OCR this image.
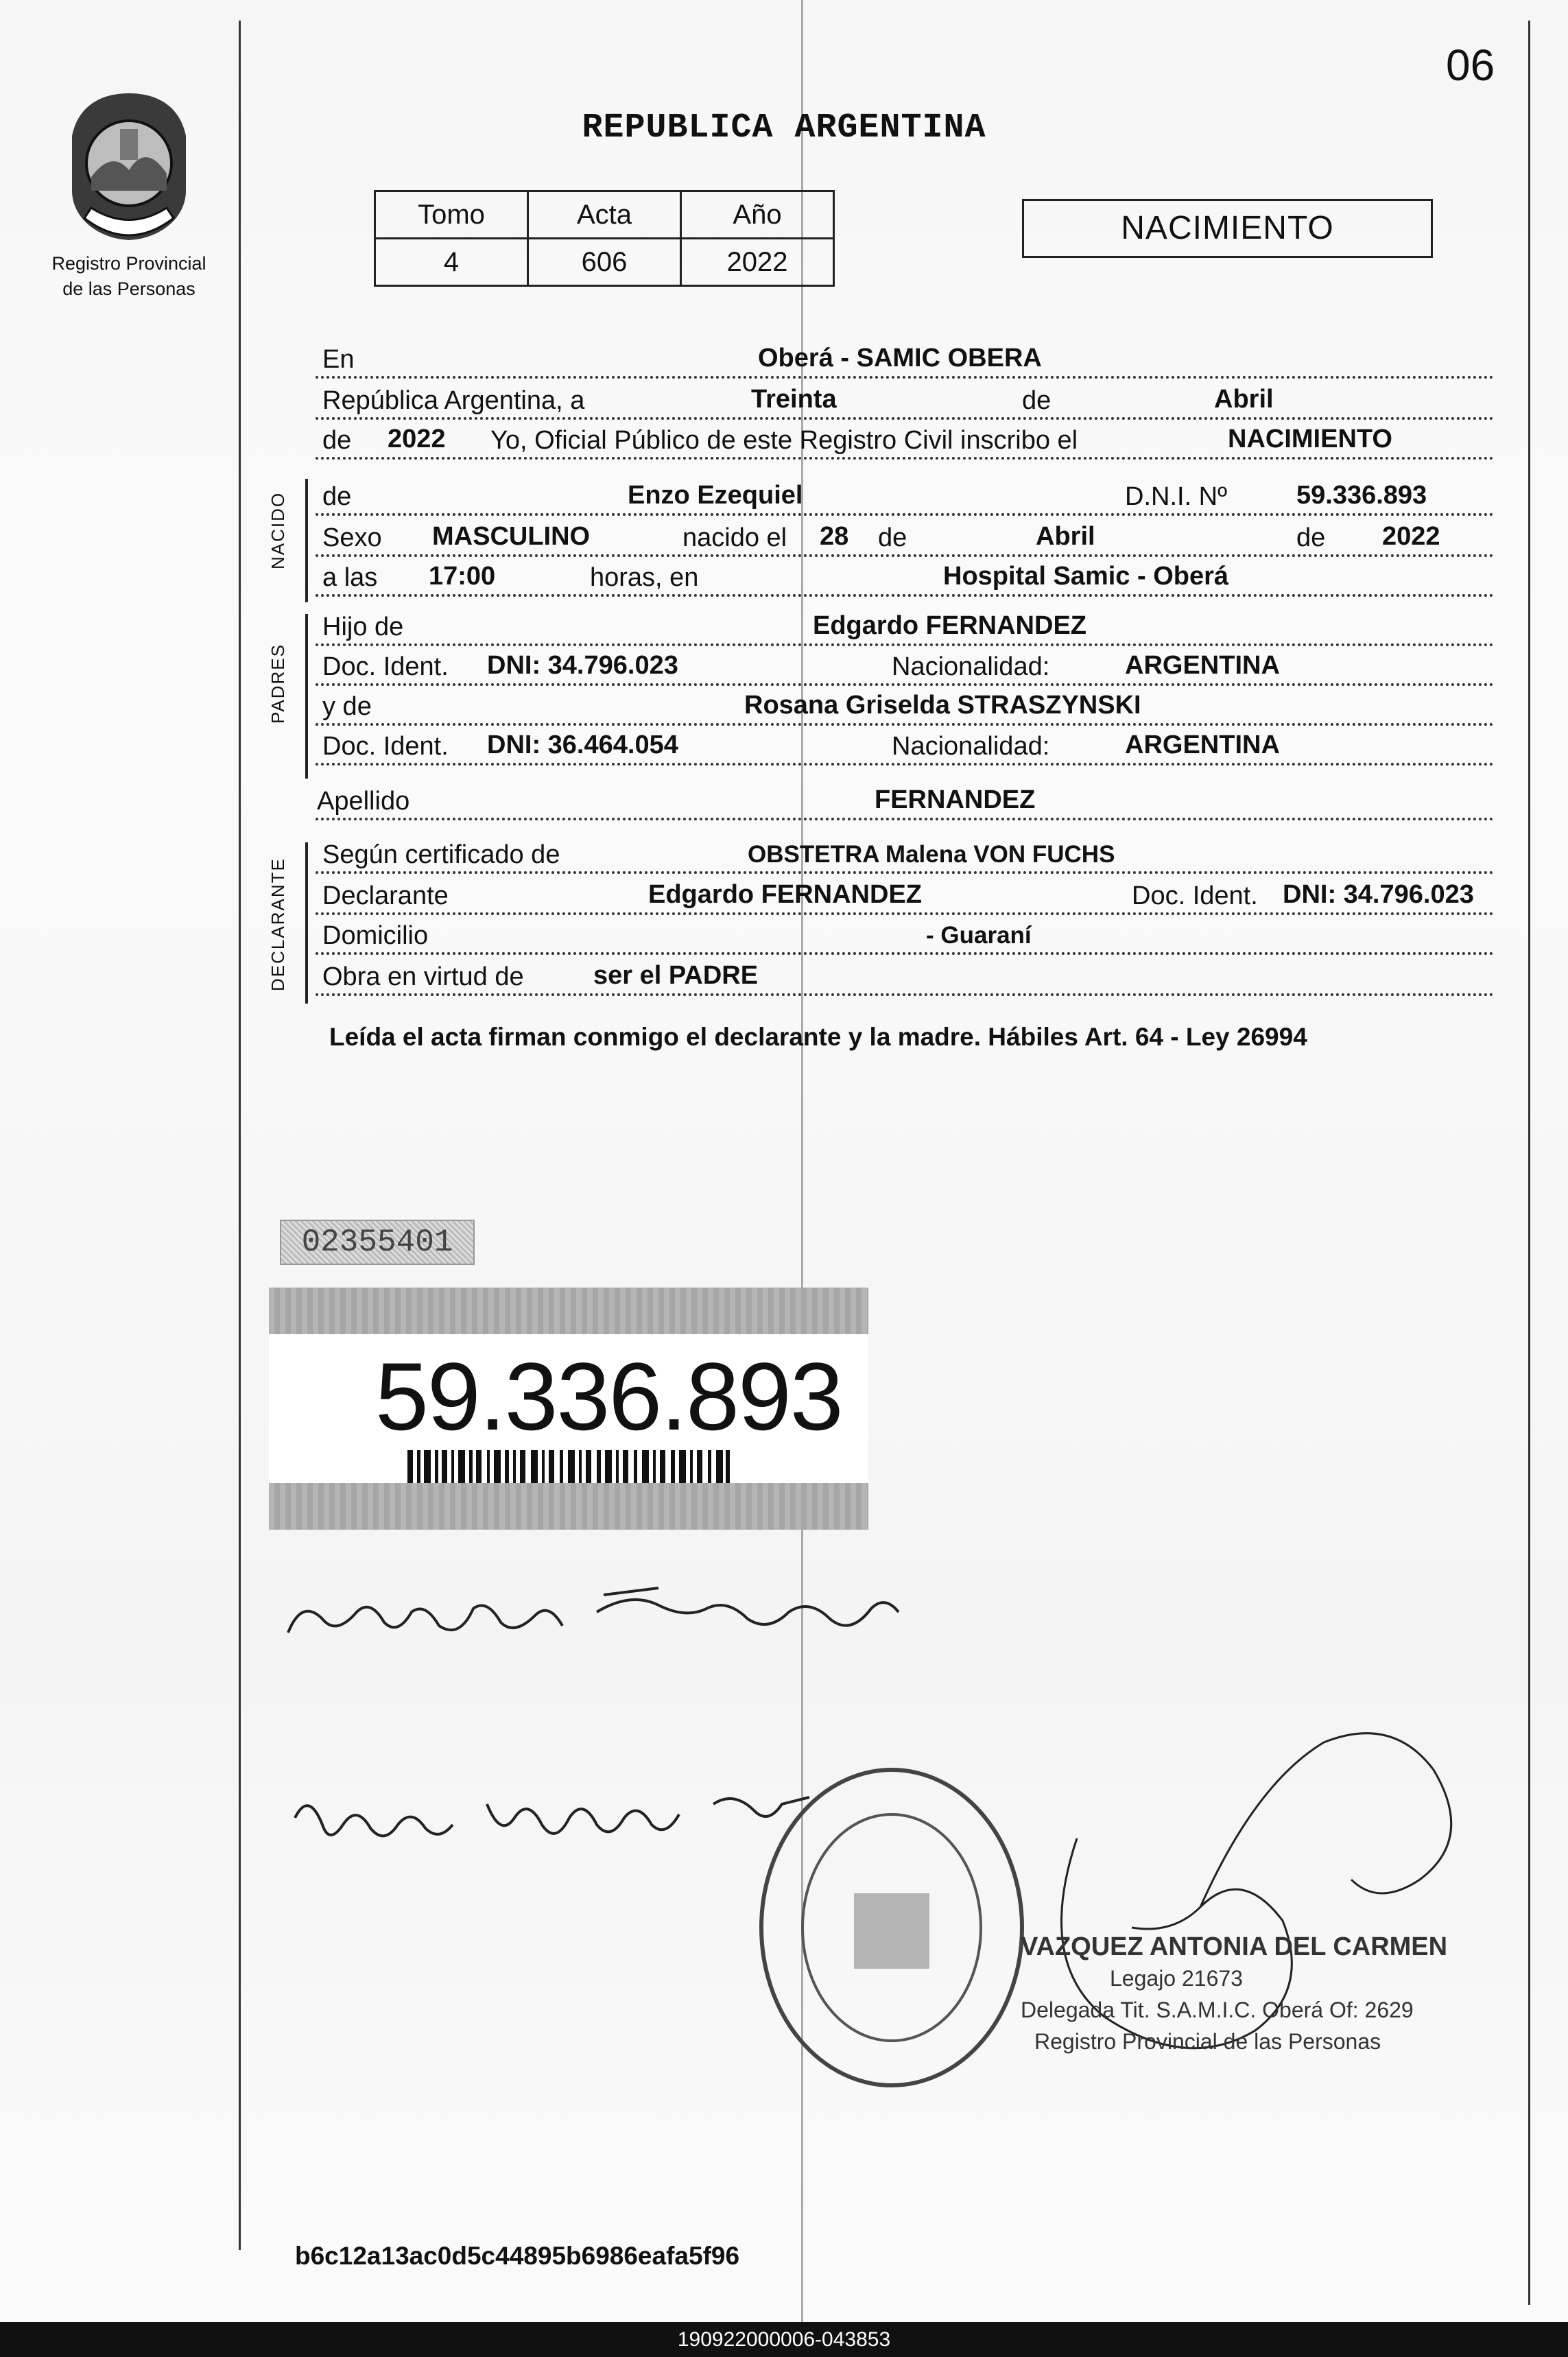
06
Registro Provincial
de las Personas
REPUBLICA ARGENTINA
Tomo	Acta	Año
4	606	2022
NACIMIENTO
En	Oberá - SAMIC OBERA
República Argentina, a	Treinta	de	Abril
de 2022 Yo, Oficial Público de este Registro Civil inscribo el	NACIMIENTO
NACIDO de	Enzo Ezequiel	D.N.I. Nº	59.336.893
Sexo MASCULINO	nacido el 28 de	Abril	de 2022
a las 17:00	horas, en	Hospital Samic - Oberá
PADRES
Hijo de	Edgardo FERNANDEZ
Doc. Ident. DNI: 34.796.023	Nacionalidad:	ARGENTINA
y de	Rosana Griselda STRASZYNSKI
Doc. Ident. DNI: 36.464.054	Nacionalidad:	ARGENTINA
Apellido	FERNANDEZ
DECLARANTE
Según certificado de	OBSTETRA Malena VON FUCHS
Declarante	Edgardo FERNANDEZ	Doc. Ident. DNI: 34.796.023
Domicilio	- Guaraní
Obra en virtud de	ser el PADRE
Leída el acta firman conmigo el declarante y la madre. Hábiles Art. 64 - Ley 26994
02355401
59.336.893
VAZQUEZ ANTONIA DEL CARMEN
Legajo 21673
Delegada Tit. S.A.M.I.C. Oberá Of: 2629
Registro Provincial de las Personas
b6c12a13ac0d5c44895b6986eafa5f96
190922000006-043853
